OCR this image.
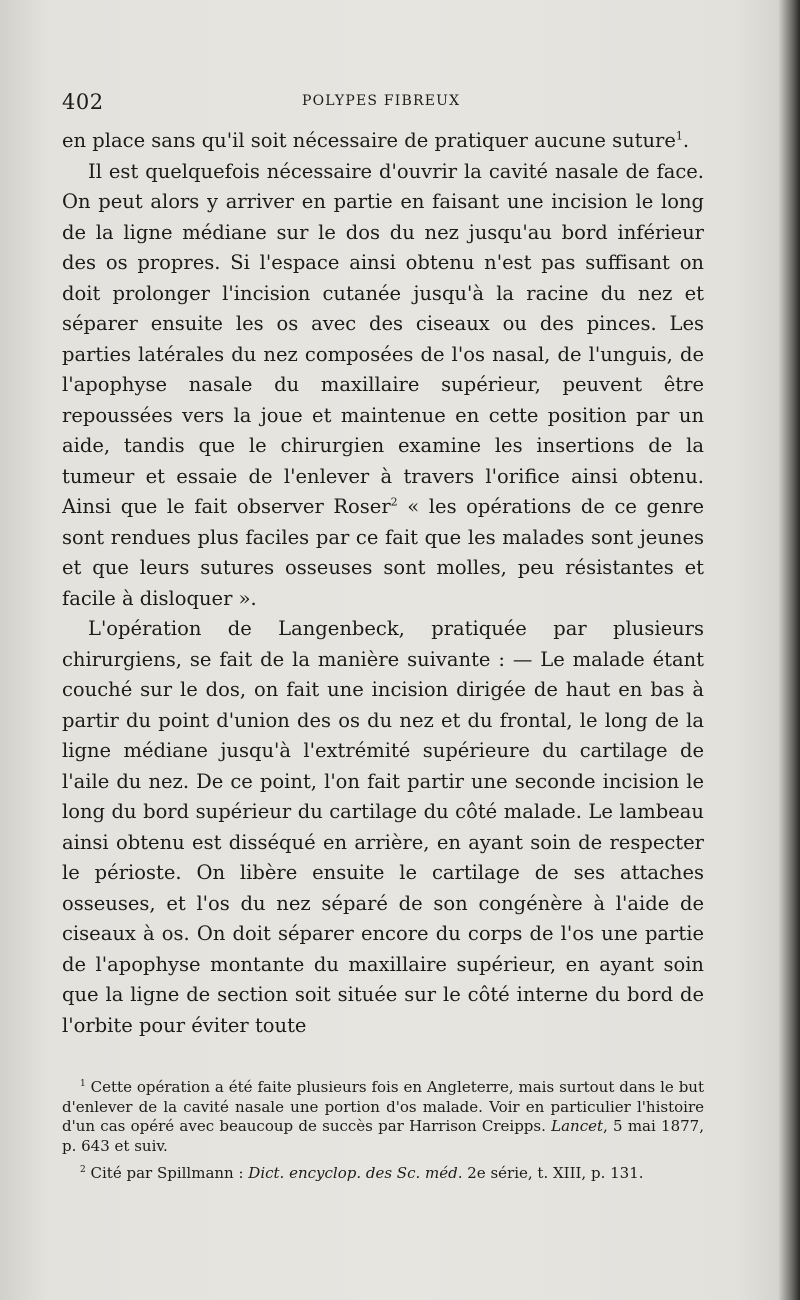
402	POLYPES FIBREUX

en place sans qu'il soit nécessaire de pratiquer aucune suture$^1$.

Il est quelquefois nécessaire d'ouvrir la cavité nasale de face. On peut alors y arriver en partie en faisant une incision le long de la ligne médiane sur le dos du nez jusqu'au bord inférieur des os propres. Si l'espace ainsi obtenu n'est pas suffisant on doit prolonger l'incision cutanée jusqu'à la racine du nez et séparer ensuite les os avec des ciseaux ou des pinces. Les parties latérales du nez composées de l'os nasal, de l'unguis, de l'apophyse nasale du maxillaire supérieur, peuvent être repoussées vers la joue et maintenue en cette position par un aide, tandis que le chirurgien examine les insertions de la tumeur et essaie de l'enlever à travers l'orifice ainsi obtenu. Ainsi que le fait observer Roser$^2$ « les opérations de ce genre sont rendues plus faciles par ce fait que les malades sont jeunes et que leurs sutures osseuses sont molles, peu résistantes et facile à disloquer ».

L'opération de Langenbeck, pratiquée par plusieurs chirurgiens, se fait de la manière suivante : — Le malade étant couché sur le dos, on fait une incision dirigée de haut en bas à partir du point d'union des os du nez et du frontal, le long de la ligne médiane jusqu'à l'extrémité supérieure du cartilage de l'aile du nez. De ce point, l'on fait partir une seconde incision le long du bord supérieur du cartilage du côté malade. Le lambeau ainsi obtenu est disséqué en arrière, en ayant soin de respecter le périoste. On libère ensuite le cartilage de ses attaches osseuses, et l'os du nez séparé de son congénère à l'aide de ciseaux à os. On doit séparer encore du corps de l'os une partie de l'apophyse montante du maxillaire supérieur, en ayant soin que la ligne de section soit située sur le côté interne du bord de l'orbite pour éviter toute

$^1$ Cette opération a été faite plusieurs fois en Angleterre, mais surtout dans le but d'enlever de la cavité nasale une portion d'os malade. Voir en particulier l'histoire d'un cas opéré avec beaucoup de succès par Harrison Creipps. Lancet, 5 mai 1877, p. 643 et suiv.

$^2$ Cité par Spillmann : Dict. encyclop. des Sc. méd. 2e série, t. XIII, p. 131.
